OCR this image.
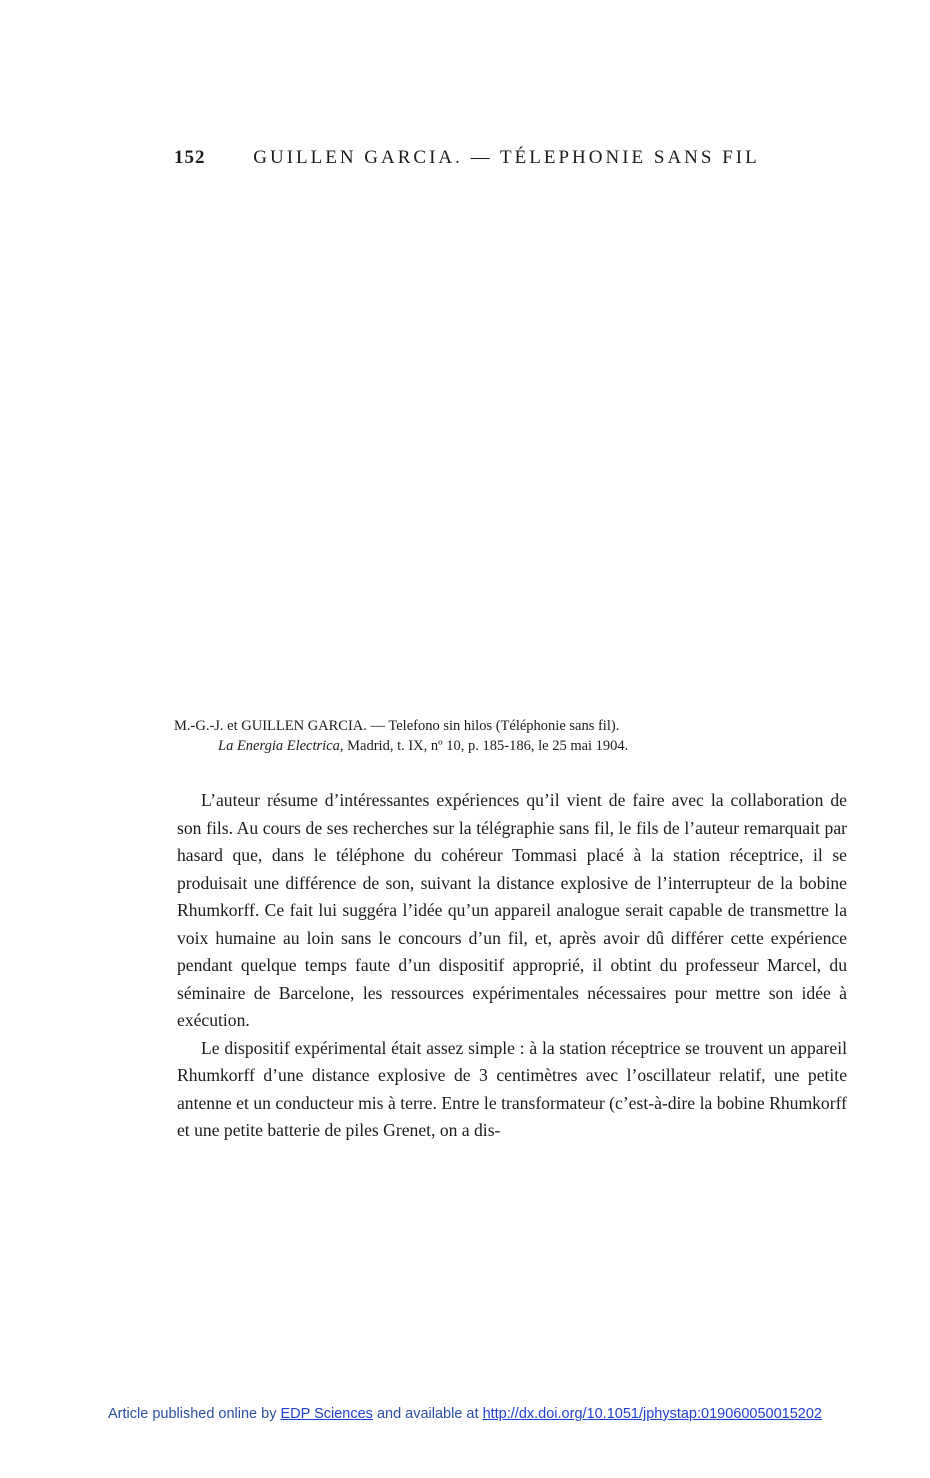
152	GUILLEN GARCIA. — TÉLEPHONIE SANS FIL
M.-G.-J. et GUILLEN GARCIA. — Telefono sin hilos (Téléphonie sans fil).
La Energia Electrica, Madrid, t. IX, nº 10, p. 185-186, le 25 mai 1904.

L’auteur résume d’intéressantes expériences qu’il vient de faire avec la collaboration de son fils. Au cours de ses recherches sur la télégraphie sans fil, le fils de l’auteur remarquait par hasard que, dans le téléphone du cohéreur Tommasi placé à la station réceptrice, il se produisait une différence de son, suivant la distance explosive de l’interrupteur de la bobine Rhumkorff. Ce fait lui suggéra l’idée qu’un appareil analogue serait capable de transmettre la voix humaine au loin sans le concours d’un fil, et, après avoir dû différer cette expérience pendant quelque temps faute d’un dispositif approprié, il obtint du professeur Marcel, du séminaire de Barcelone, les ressources expérimentales nécessaires pour mettre son idée à exécution.

Le dispositif expérimental était assez simple : à la station réceptrice se trouvent un appareil Rhumkorff d’une distance explosive de 3 centimètres avec l’oscillateur relatif, une petite antenne et un conducteur mis à terre. Entre le transformateur (c’est-à-dire la bobine Rhumkorff et une petite batterie de piles Grenet, on a dis-

Article published online by EDP Sciences and available at http://dx.doi.org/10.1051/jphystap:019060050015202
